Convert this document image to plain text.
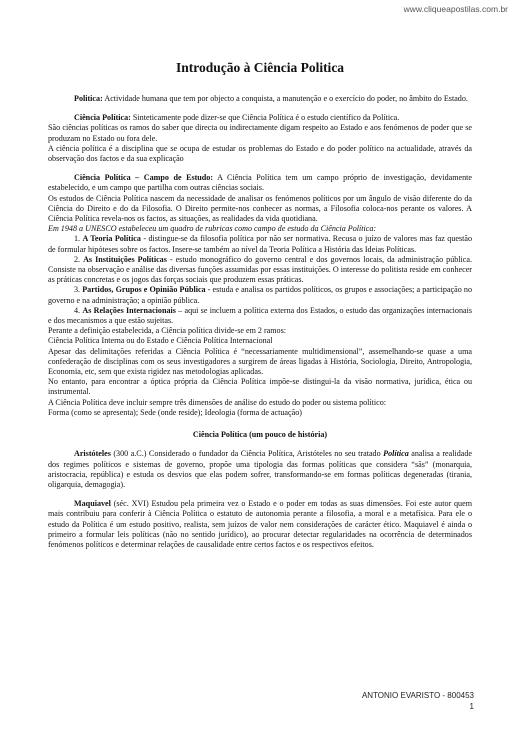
www.cliqueapostilas.com.br

Introdução à Ciência Politica

Politica: Actividade humana que tem por objecto a conquista, a manutenção e o exercício do poder, no âmbito do Estado.

Ciência Política: Sinteticamente pode dizer-se que Ciência Política é o estudo científico da Política.

São ciências políticas os ramos do saber que directa ou indirectamente digam respeito ao Estado e aos fenómenos de poder que se produzam no Estado ou fora dele.

A ciência política é a disciplina que se ocupa de estudar os problemas do Estado e do poder político na actualidade, através da observação dos factos e da sua explicação

Ciência Política – Campo de Estudo: A Ciência Política tem um campo próprio de investigação, devidamente estabelecido, e um campo que partilha com outras ciências sociais.

Os estudos de Ciência Política nascem da necessidade de analisar os fenómenos políticos por um ângulo de visão diferente do da Ciência do Direito e do da Filosofia. O Direito permite-nos conhecer as normas, a Filosofia coloca-nos perante os valores. A Ciência Política revela-nos os factos, as situações, as realidades da vida quotidiana.

Em 1948 a UNESCO estabeleceu um quadro de rubricas como campo de estudo da Ciência Política:

1. A Teoria Política - distingue-se da filosofia política por não ser normativa. Recusa o juízo de valores mas faz questão de formular hipóteses sobre os factos. Insere-se também ao nível da Teoria Política a História das Ideias Políticas.

2. As Instituições Políticas - estudo monográfico do governo central e dos governos locais, da administração pública. Consiste na observação e análise das diversas funções assumidas por essas instituições. O interesse do politista reside em conhecer as práticas concretas e os jogos das forças sociais que produzem essas práticas.

3. Partidos, Grupos e Opinião Pública - estuda e analisa os partidos políticos, os grupos e associações; a participação no governo e na administração; a opinião pública.

4. As Relações Internacionais – aqui se incluem a política externa dos Estados, o estudo das organizações internacionais e dos mecanismos a que estão sujeitas.

Perante a definição estabelecida, a Ciência política divide-se em 2 ramos:

Ciência Política Interna ou do Estado e Ciência Política Internacional

Apesar das delimitações referidas a Ciência Política é “necessariamente multidimensional”, assemelhando-se quase a uma confederação de disciplinas com os seus investigadores a surgirem de áreas ligadas à História, Sociologia, Direito, Antropologia, Economia, etc, sem que exista rigidez nas metodologias aplicadas.

No entanto, para encontrar a óptica própria da Ciência Política impõe-se distingui-la da visão normativa, jurídica, ética ou instrumental.

A Ciência Política deve incluir sempre três dimensões de análise do estudo do poder ou sistema político:

Forma (como se apresenta); Sede (onde reside); Ideologia (forma de actuação)

Ciência Política (um pouco de história)

Aristóteles (300 a.C.) Considerado o fundador da Ciência Política, Aristóteles no seu tratado Política analisa a realidade dos regimes políticos e sistemas de governo, propõe uma tipologia das formas políticas que considera “sãs” (monarquia, aristocracia, república) e estuda os desvios que elas podem sofrer, transformando-se em formas políticas degeneradas (tirania, oligarquia, demagogia).

Maquiavel (séc. XVI) Estudou pela primeira vez o Estado e o poder em todas as suas dimensões. Foi este autor quem mais contribuiu para conferir à Ciência Política o estatuto de autonomia perante a filosofia, a moral e a metafísica. Para ele o estudo da Política é um estudo positivo, realista, sem juízos de valor nem considerações de carácter ético. Maquiavel é ainda o primeiro a formular leis políticas (não no sentido jurídico), ao procurar detectar regularidades na ocorrência de determinados fenómenos políticos e determinar relações de causalidade entre certos factos e os respectivos efeitos.

ANTONIO EVARISTO - 800453
1
